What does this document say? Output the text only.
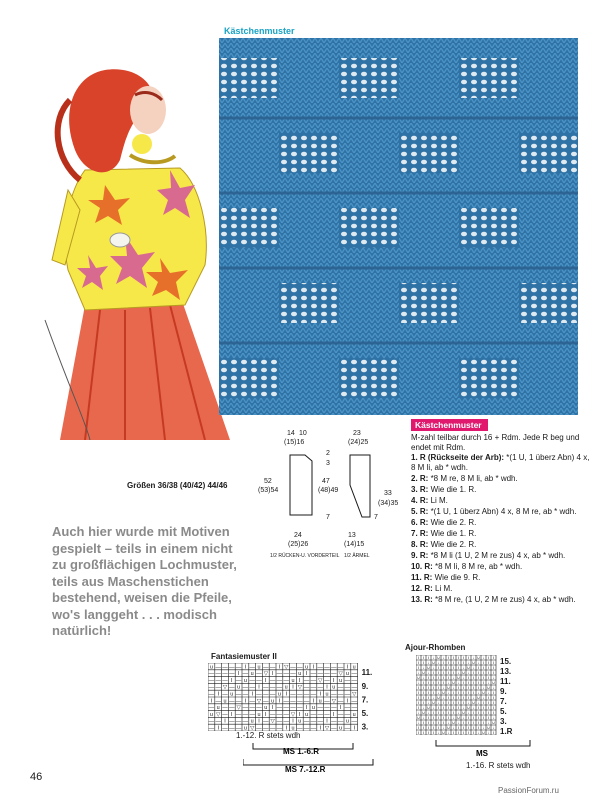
Kästchenmuster
Größen 36/38 (40/42) 44/46
14 10
(15)16
52
(53)54
2
3
47
(48)49
7
23
(24)25
33
(34)35
7
24
(25)26
13
(14)15
1/2 RÜCKEN-U. VORDERTEIL 1/2 ÄRMEL
Auch hier wurde mit Motiven gespielt – teils in einem nicht zu großflächigen Lochmuster, teils aus Maschenstichen bestehend, weisen die Pfeile, wo's langgeht . . . modisch natürlich!
Kästchenmuster
M-zahl teilbar durch 16 + Rdm. Jede R beg und endet mit Rdm.
1. R (Rückseite der Arb): *(1 U, 1 überz Abn) 4 x, 8 M li, ab * wdh.
2. R: *8 M re, 8 M li, ab * wdh.
3. R: Wie die 1. R.
4. R: Li M.
5. R: *(1 U, 1 überz Abn) 4 x, 8 M re, ab * wdh.
6. R: Wie die 2. R.
7. R: Wie die 1. R.
8. R: Wie die 2. R.
9. R: *8 M li (1 U, 2 M re zus) 4 x, ab * wdh.
10. R: *8 M li, 8 M re, ab * wdh.
11. R: Wie die 9. R.
12. R: Li M.
13. R: *8 M re, (1 U, 2 M re zus) 4 x, ab * wdh.
Fantasiemuster II
u — — — — I — u — — I ▽ — — u I — — — — I u
— — — — I — u — ▽ I — — — u I — — — — ▽ u —
— — — I — u — — I — — — u I — — ▽ — I u — —
— — ▽ — u — — I — — — u I ▽ — — — I u — — —
— I — u — — I — — — u I — — — — I u — — — ▽
I — u — — I — ▽ — u I — — — — I u — ▽ — I —
— u — — ▽ — — — u I — — — — I u — — — I — —
u ▽ — I — — — u I — — — ▽ I u — — — I — — u
— — I — — — u I — ▽ — — I u — — — I — — u —
— I — — — u ▽ — — — — I u — — — I ▽ — u — I 3.
5.
7.
9.
11.
1.-12. R stets wdh
MS 1.-6.R
MS 7.-12.R
Ajour-Rhomben
I I I ↓ ∪ ↓ I I I I I ↓ ∪ ↓ I I
I I ↓ ∪ ↓ I I I I I ↓ ∪ ↓ I I I
I ↓ ∪ ↓ I I I I I ↓ ∪ ↓ I I I I
↓ ∪ ↓ I I I I I ↓ ∪ ↓ I I I I I
∪ ↓ I I I I I ↓ ∪ ↓ I I I I I ↓
↓ I I I I I ↓ ∪ ↓ I I I I I ↓ ∪
I I I I I ↓ ∪ ↓ I I I I I ↓ ∪ ↓
I I I I ↓ ∪ ↓ I I I I I ↓ ∪ ↓ I
I I I ↓ ∪ ↓ I I I I I ↓ ∪ ↓ I I
I I ↓ ∪ ↓ I I I I I ↓ ∪ ↓ I I I
I ↓ ∪ ↓ I I I I I ↓ ∪ ↓ I I I I
↓ ∪ ↓ I I I I I ↓ ∪ ↓ I I I I I
∪ ↓ I I I I I ↓ ∪ ↓ I I I I I ↓
↓ I I I I I ↓ ∪ ↓ I I I I I ↓ ∪
I I I I I ↓ ∪ ↓ I I I I I ↓ ∪ ↓
I I I I ↓ ∪ ↓ I I I I I ↓ ∪ ↓ I 1.R
3.
5.
7.
9.
11.
13.
15.
MS
1.-16. R stets wdh
46
PassionForum.ru
